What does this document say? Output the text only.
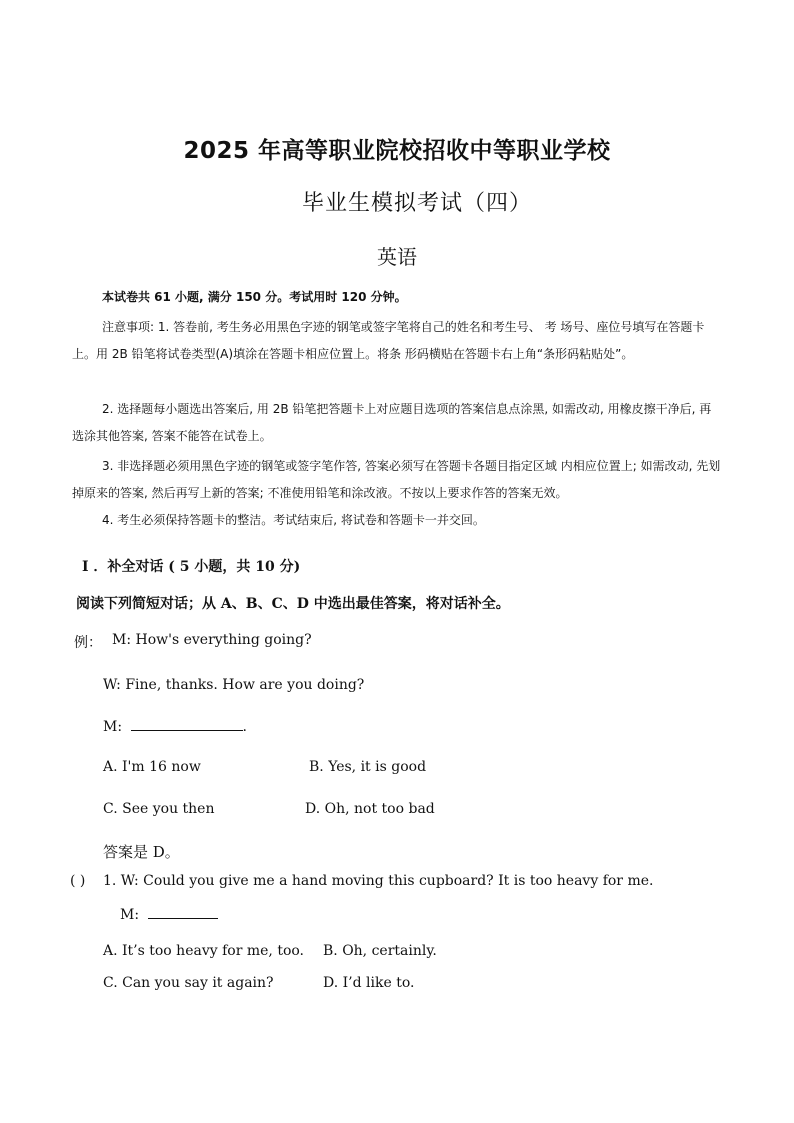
2025 年高等职业院校招收中等职业学校
毕业生模拟考试（四）
英语
本试卷共 61 小题, 满分 150 分。考试用时 120 分钟。
注意事项: 1. 答卷前, 考生务必用黑色字迹的钢笔或签字笔将自己的姓名和考生号、 考 场号、座位号填写在答题卡上。用 2B 铅笔将试卷类型(A)填涂在答题卡相应位置上。将条 形码横贴在答题卡右上角“条形码粘贴处”。
2. 选择题每小题选出答案后, 用 2B 铅笔把答题卡上对应题目选项的答案信息点涂黑, 如需改动, 用橡皮擦干净后, 再选涂其他答案, 答案不能答在试卷上。
3. 非选择题必须用黑色字迹的钢笔或签字笔作答, 答案必须写在答题卡各题目指定区域 内相应位置上; 如需改动, 先划掉原来的答案, 然后再写上新的答案; 不准使用铅笔和涂改液。不按以上要求作答的答案无效。
4. 考生必须保持答题卡的整洁。考试结束后, 将试卷和答题卡一并交回。
Ⅰ ．补全对话 ( 5 小题，共 10 分)
阅读下列简短对话；从 A、B、C、D 中选出最佳答案，将对话补全。
例： M: How's everything going?
W: Fine, thanks. How are you doing?
M:	.
A. I'm 16 now	B. Yes, it is good
C. See you then	D. Oh, not too bad
答案是 D。
( ) 1. W: Could you give me a hand moving this cupboard? It is too heavy for me.
M:
A. It’s too heavy for me, too. B. Oh, certainly.
C. Can you say it again?	D. I’d like to.
